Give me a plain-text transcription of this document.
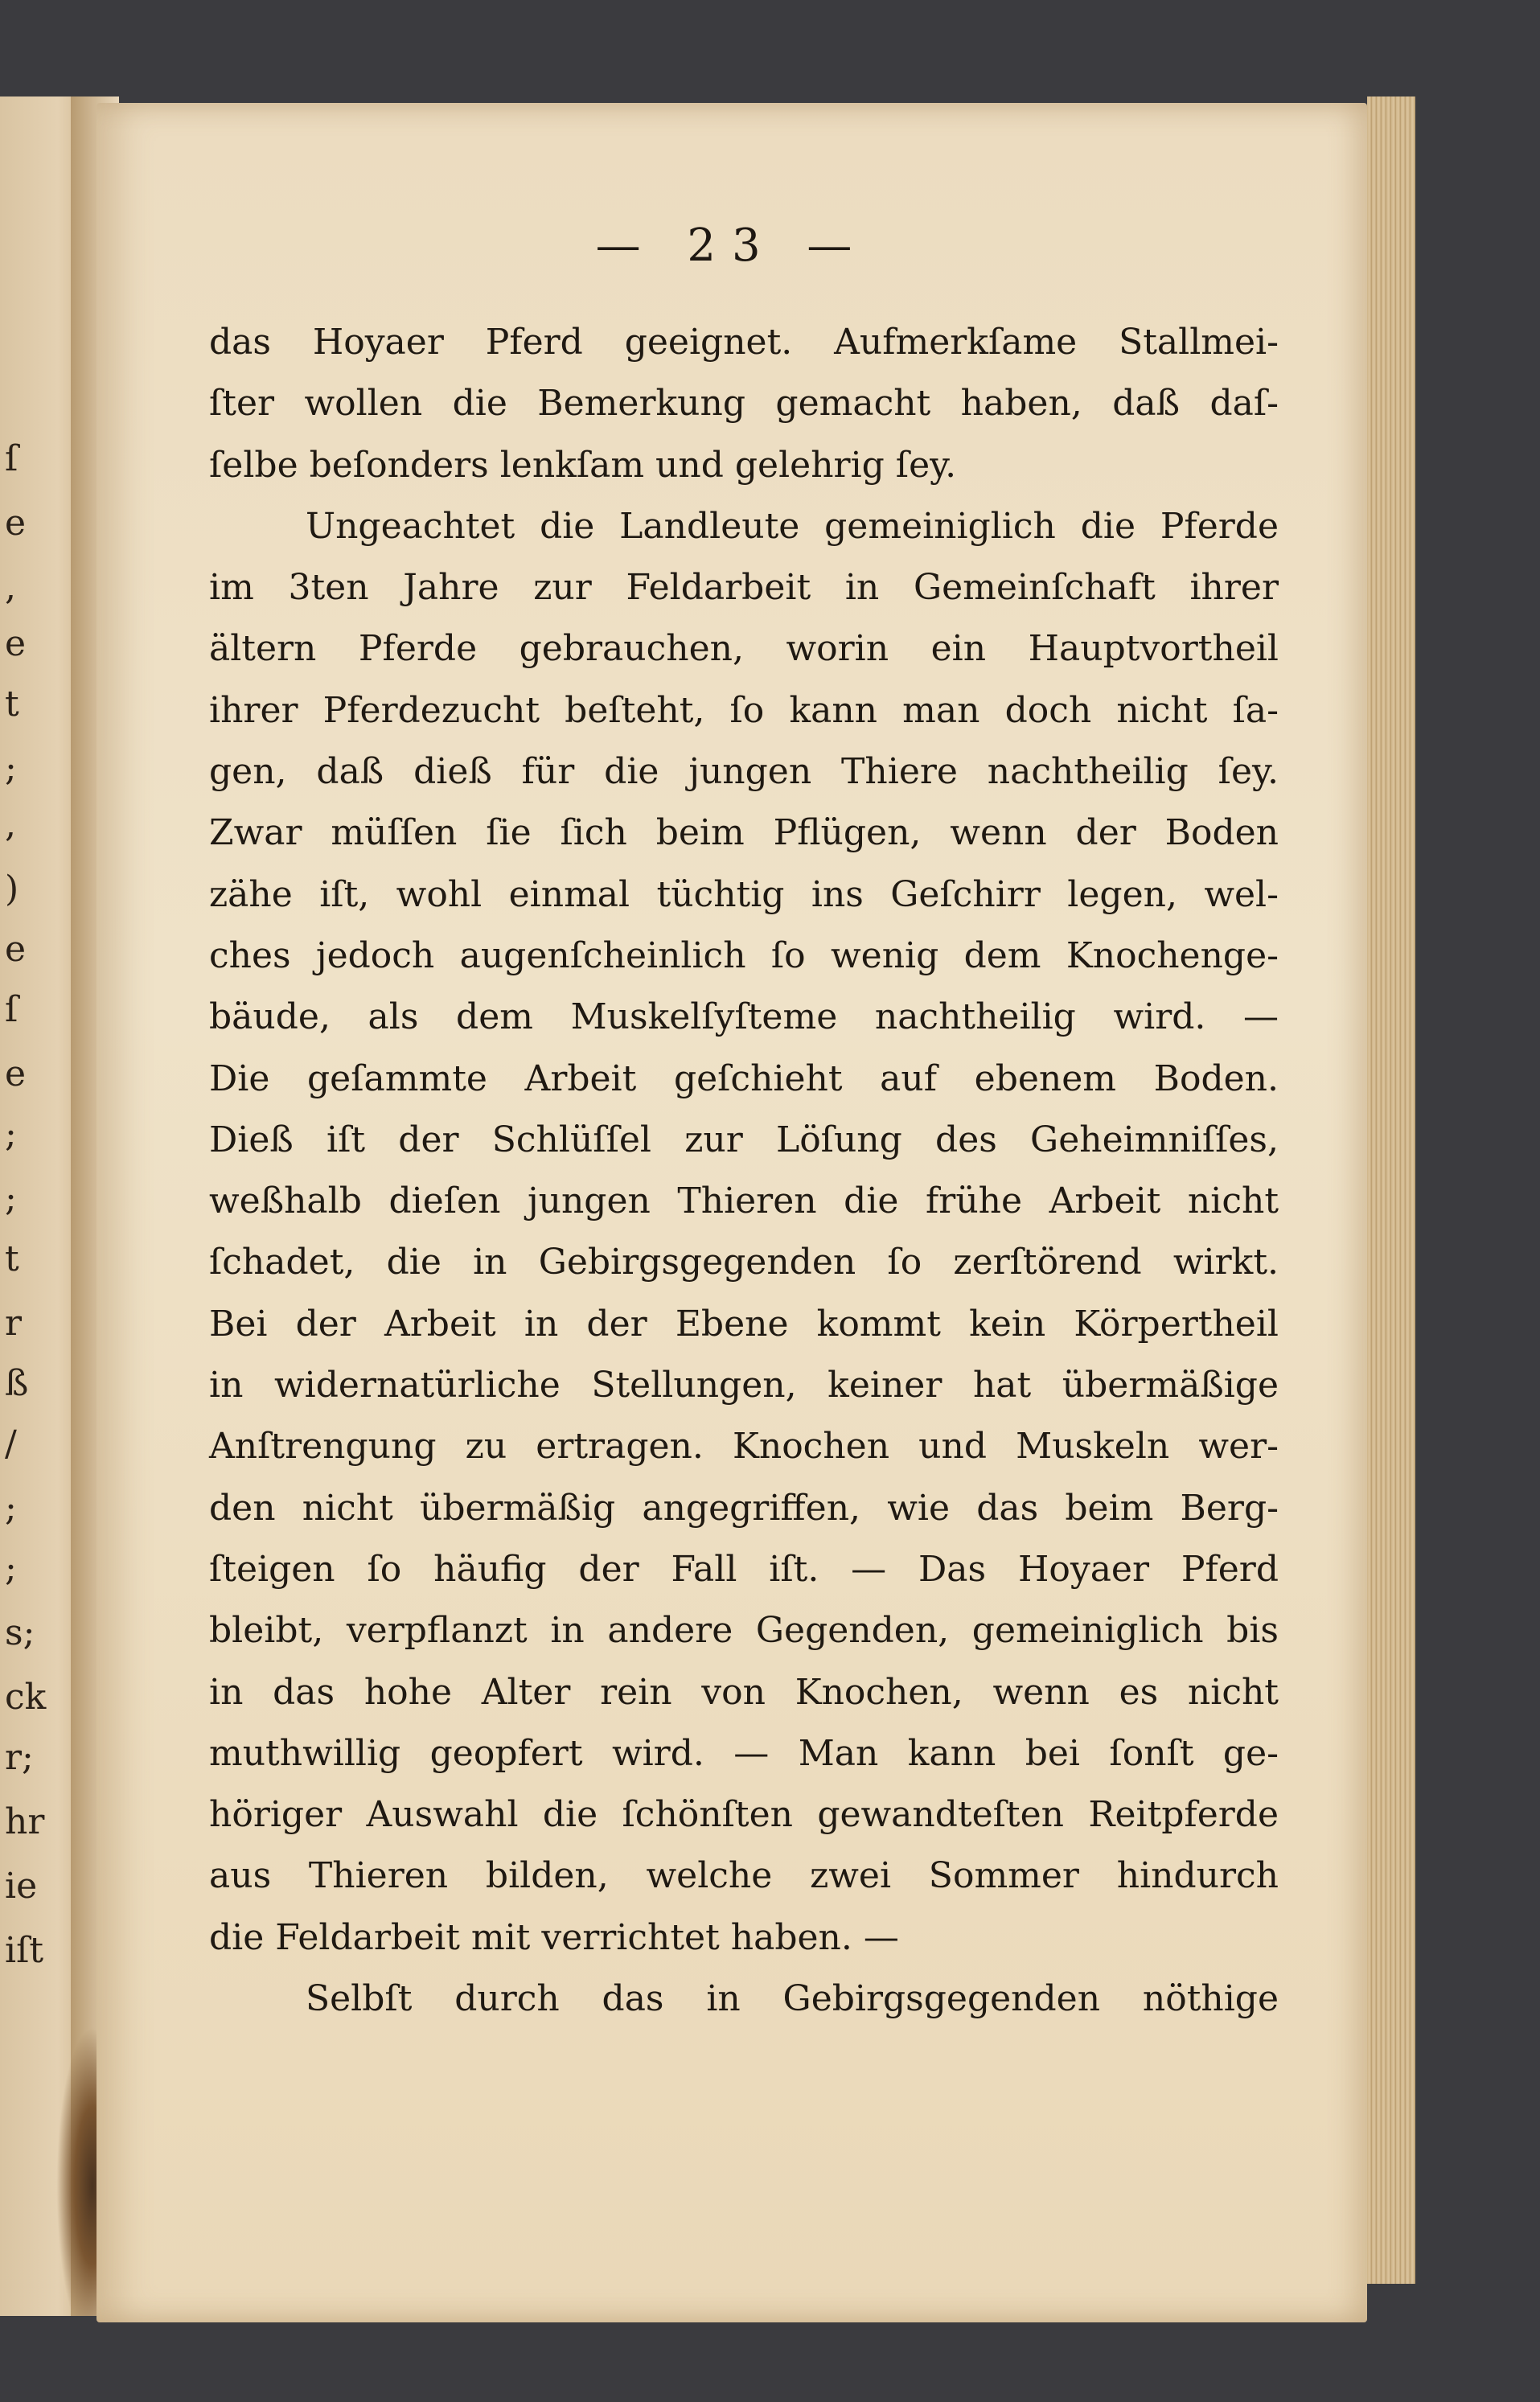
ſ
e
,
e
t
;
,
)
e
ſ
e
;
;
t
r
ß
/
;
;
s;
ck
r;
hr
ie
iſt
— 23 —
das Hoyaer Pferd geeignet. Aufmerkſame Stallmei-
ſter wollen die Bemerkung gemacht haben, daß daſ-
ſelbe beſonders lenkſam und gelehrig ſey.
Ungeachtet die Landleute gemeiniglich die Pferde
im 3ten Jahre zur Feldarbeit in Gemeinſchaft ihrer
ältern Pferde gebrauchen, worin ein Hauptvortheil
ihrer Pferdezucht beſteht, ſo kann man doch nicht ſa-
gen, daß dieß für die jungen Thiere nachtheilig ſey.
Zwar müſſen ſie ſich beim Pflügen, wenn der Boden
zähe iſt, wohl einmal tüchtig ins Geſchirr legen, wel-
ches jedoch augenſcheinlich ſo wenig dem Knochenge-
bäude, als dem Muskelſyſteme nachtheilig wird. —
Die geſammte Arbeit geſchieht auf ebenem Boden.
Dieß iſt der Schlüſſel zur Löſung des Geheimniſſes,
weßhalb dieſen jungen Thieren die frühe Arbeit nicht
ſchadet, die in Gebirgsgegenden ſo zerſtörend wirkt.
Bei der Arbeit in der Ebene kommt kein Körpertheil
in widernatürliche Stellungen, keiner hat übermäßige
Anſtrengung zu ertragen. Knochen und Muskeln wer-
den nicht übermäßig angegriffen, wie das beim Berg-
ſteigen ſo häufig der Fall iſt. — Das Hoyaer Pferd
bleibt, verpflanzt in andere Gegenden, gemeiniglich bis
in das hohe Alter rein von Knochen, wenn es nicht
muthwillig geopfert wird. — Man kann bei ſonſt ge-
höriger Auswahl die ſchönſten gewandteſten Reitpferde
aus Thieren bilden, welche zwei Sommer hindurch
die Feldarbeit mit verrichtet haben. —
Selbſt durch das in Gebirgsgegenden nöthige
